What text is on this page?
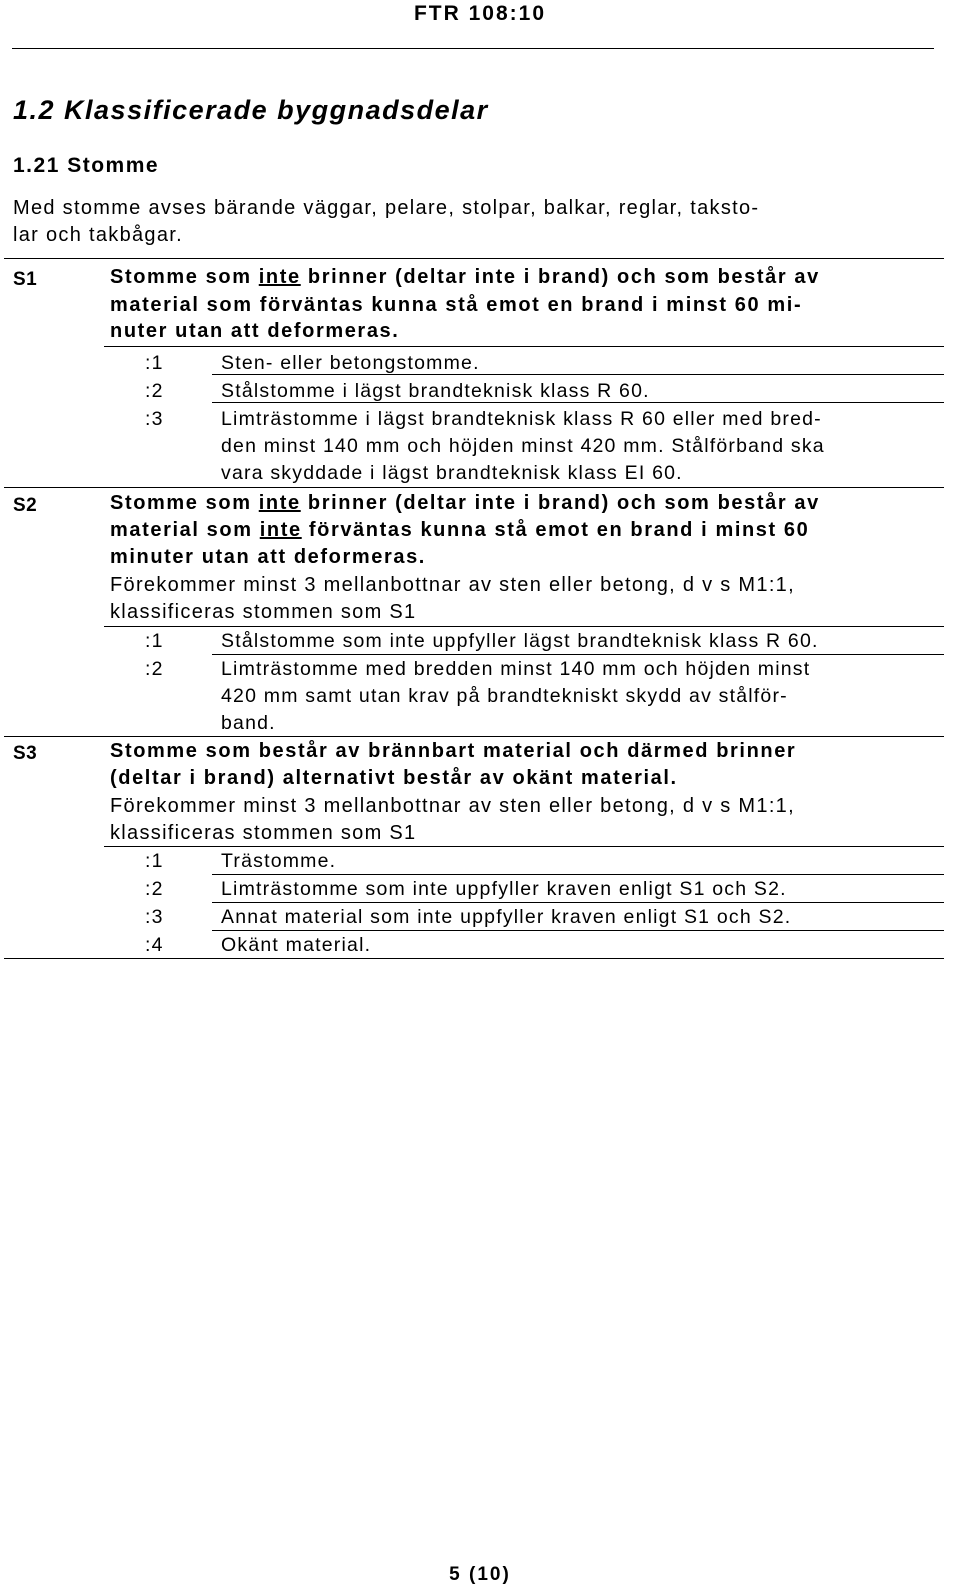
FTR 108:10
1.2 Klassificerade byggnadsdelar
1.21 Stomme
Med stomme avses bärande väggar, pelare, stolpar, balkar, reglar, taksto-
lar och takbågar.
S1	Stomme som inte brinner (deltar inte i brand) och som består av
material som förväntas kunna stå emot en brand i minst 60 mi-
nuter utan att deformeras.
:1	Sten- eller betongstomme.
:2	Stålstomme i lägst brandteknisk klass R 60.
:3	Limträstomme i lägst brandteknisk klass R 60 eller med bred-
den minst 140 mm och höjden minst 420 mm. Stålförband ska
vara skyddade i lägst brandteknisk klass EI 60.
S2	Stomme som inte brinner (deltar inte i brand) och som består av
material som inte förväntas kunna stå emot en brand i minst 60
minuter utan att deformeras.
Förekommer minst 3 mellanbottnar av sten eller betong, d v s M1:1,
klassificeras stommen som S1
:1	Stålstomme som inte uppfyller lägst brandteknisk klass R 60.
:2	Limträstomme med bredden minst 140 mm och höjden minst
420 mm samt utan krav på brandtekniskt skydd av stålför-
band.
S3	Stomme som består av brännbart material och därmed brinner
(deltar i brand) alternativt består av okänt material.
Förekommer minst 3 mellanbottnar av sten eller betong, d v s M1:1,
klassificeras stommen som S1
:1	Trästomme.
:2	Limträstomme som inte uppfyller kraven enligt S1 och S2.
:3	Annat material som inte uppfyller kraven enligt S1 och S2.
:4	Okänt material.
5 (10)
